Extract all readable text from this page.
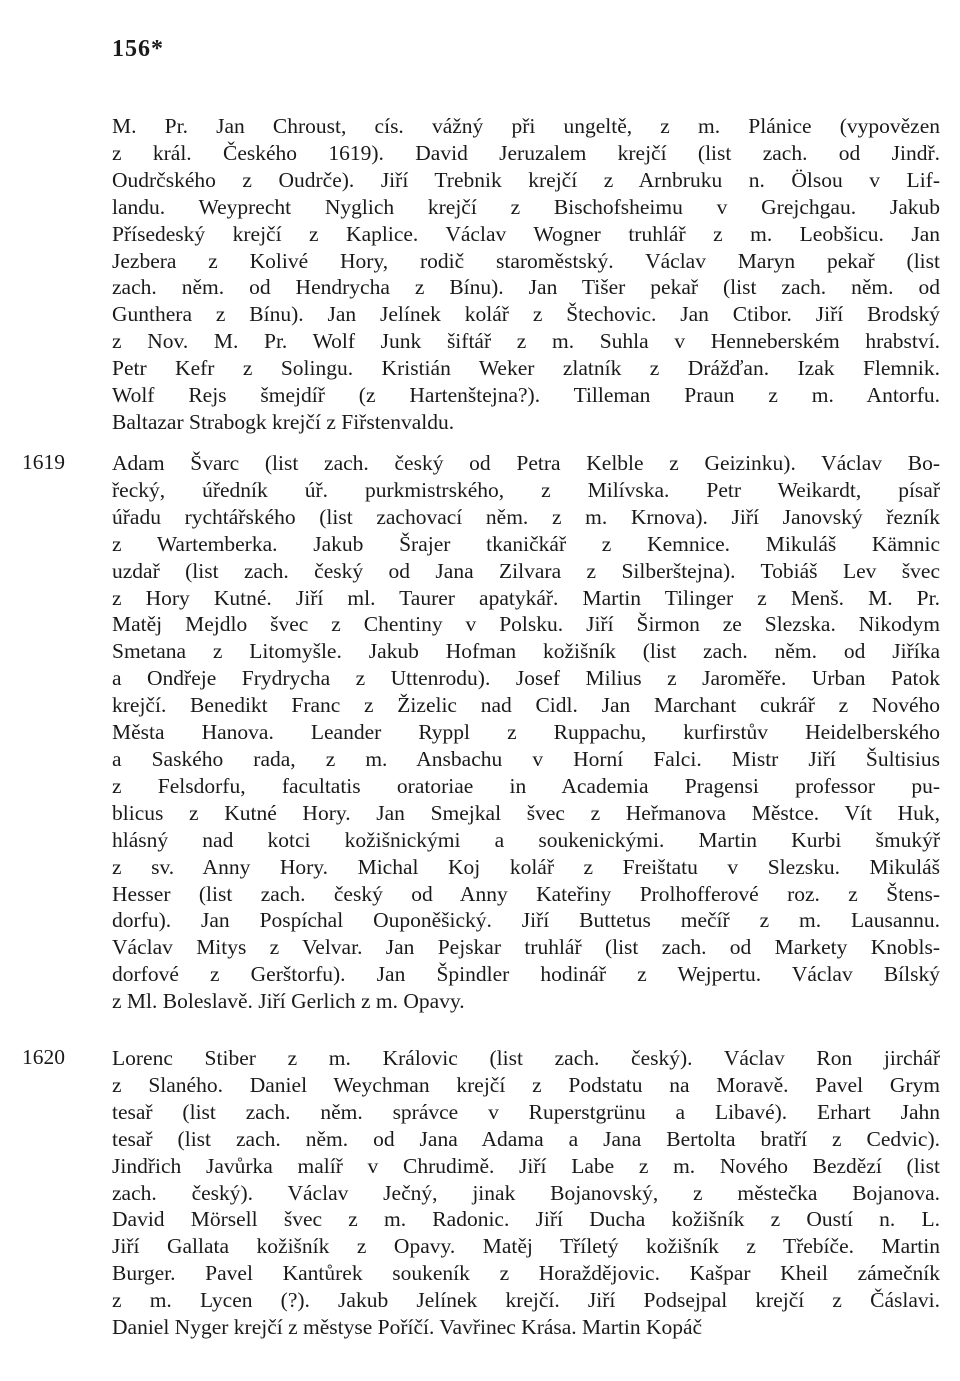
156*
1619
1620
M. Pr. Jan Chroust, cís. vážný při ungeltě, z m. Plánice (vypovězen
z král. Českého 1619). David Jeruzalem krejčí (list zach. od Jindř.
Oudrčského z Oudrče). Jiří Trebnik krejčí z Arnbruku n. Ölsou v Lif-
landu. Weyprecht Nyglich krejčí z Bischofsheimu v Grejchgau. Jakub
Přísedeský krejčí z Kaplice. Václav Wogner truhlář z m. Leobšicu. Jan
Jezbera z Kolivé Hory, rodič staroměstský. Václav Maryn pekař (list
zach. něm. od Hendrycha z Bínu). Jan Tišer pekař (list zach. něm. od
Gunthera z Bínu). Jan Jelínek kolář z Štechovic. Jan Ctibor. Jiří Brodský
z Nov. M. Pr. Wolf Junk šiftář z m. Suhla v Henneberském hrabství.
Petr Kefr z Solingu. Kristián Weker zlatník z Drážďan. Izak Flemnik.
Wolf Rejs šmejdíř (z Hartenštejna?). Tilleman Praun z m. Antorfu.
Baltazar Strabogk krejčí z Fiřstenvaldu.
Adam Švarc (list zach. český od Petra Kelble z Geizinku). Václav Bo-
řecký, úředník úř. purkmistrského, z Milívska. Petr Weikardt, písař
úřadu rychtářského (list zachovací něm. z m. Krnova). Jiří Janovský řezník
z Wartemberka. Jakub Šrajer tkaničkář z Kemnice. Mikuláš Kämnic
uzdař (list zach. český od Jana Zilvara z Silberštejna). Tobiáš Lev švec
z Hory Kutné. Jiří ml. Taurer apatykář. Martin Tilinger z Menš. M. Pr.
Matěj Mejdlo švec z Chentiny v Polsku. Jiří Širmon ze Slezska. Nikodym
Smetana z Litomyšle. Jakub Hofman kožišník (list zach. něm. od Jiříka
a Ondřeje Frydrycha z Uttenrodu). Josef Milius z Jaroměře. Urban Patok
krejčí. Benedikt Franc z Žizelic nad Cidl. Jan Marchant cukrář z Nového
Města Hanova. Leander Ryppl z Ruppachu, kurfirstův Heidelberského
a Saského rada, z m. Ansbachu v Horní Falci. Mistr Jiří Šultisius
z Felsdorfu, facultatis oratoriae in Academia Pragensi professor pu-
blicus z Kutné Hory. Jan Smejkal švec z Heřmanova Městce. Vít Huk,
hlásný nad kotci kožišnickými a soukenickými. Martin Kurbi šmukýř
z sv. Anny Hory. Michal Koj kolář z Freištatu v Slezsku. Mikuláš
Hesser (list zach. český od Anny Kateřiny Prolhofferové roz. z Štens-
dorfu). Jan Pospíchal Ouponěšický. Jiří Buttetus mečíř z m. Lausannu.
Václav Mitys z Velvar. Jan Pejskar truhlář (list zach. od Markety Knobls-
dorfové z Gerštorfu). Jan Špindler hodinář z Wejpertu. Václav Bílský
z Ml. Boleslavě. Jiří Gerlich z m. Opavy.
Lorenc Stiber z m. Královic (list zach. český). Václav Ron jirchář
z Slaného. Daniel Weychman krejčí z Podstatu na Moravě. Pavel Grym
tesař (list zach. něm. správce v Ruperstgrünu a Libavé). Erhart Jahn
tesař (list zach. něm. od Jana Adama a Jana Bertolta bratří z Cedvic).
Jindřich Javůrka malíř v Chrudimě. Jiří Labe z m. Nového Bezdězí (list
zach. český). Václav Ječný, jinak Bojanovský, z městečka Bojanova.
David Mörsell švec z m. Radonic. Jiří Ducha kožišník z Oustí n. L.
Jiří Gallata kožišník z Opavy. Matěj Tříletý kožišník z Třebíče. Martin
Burger. Pavel Kantůrek soukeník z Horaždějovic. Kašpar Kheil zámečník
z m. Lycen (?). Jakub Jelínek krejčí. Jiří Podsejpal krejčí z Čáslavi.
Daniel Nyger krejčí z městyse Poříčí. Vavřinec Krása. Martin Kopáč
